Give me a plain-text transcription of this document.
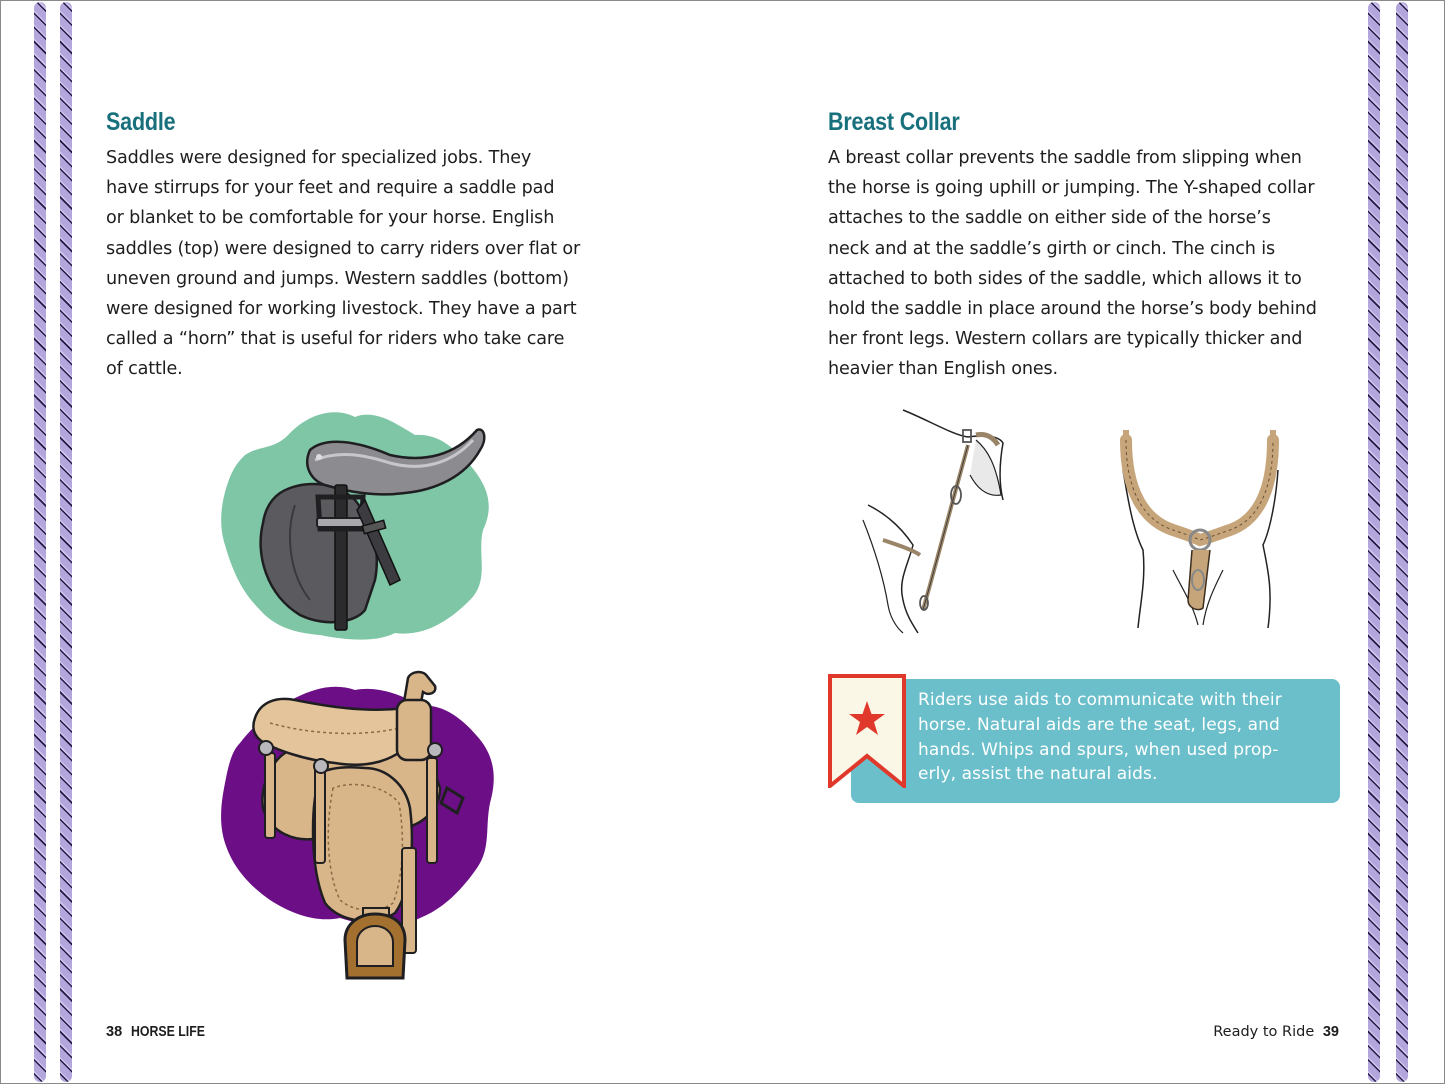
Saddle

Saddles were designed for specialized jobs. They
have stirrups for your feet and require a saddle pad
or blanket to be comfortable for your horse. English
saddles (top) were designed to carry riders over flat or
uneven ground and jumps. Western saddles (bottom)
were designed for working livestock. They have a part
called a “horn” that is useful for riders who take care
of cattle.

Breast Collar

A breast collar prevents the saddle from slipping when
the horse is going uphill or jumping. The Y-shaped collar
attaches to the saddle on either side of the horse’s
neck and at the saddle’s girth or cinch. The cinch is
attached to both sides of the saddle, which allows it to
hold the saddle in place around the horse’s body behind
her front legs. Western collars are typically thicker and
heavier than English ones.

Riders use aids to communicate with their
horse. Natural aids are the seat, legs, and
hands. Whips and spurs, when used prop-
erly, assist the natural aids.

38 HORSE LIFE	Ready to Ride 39
